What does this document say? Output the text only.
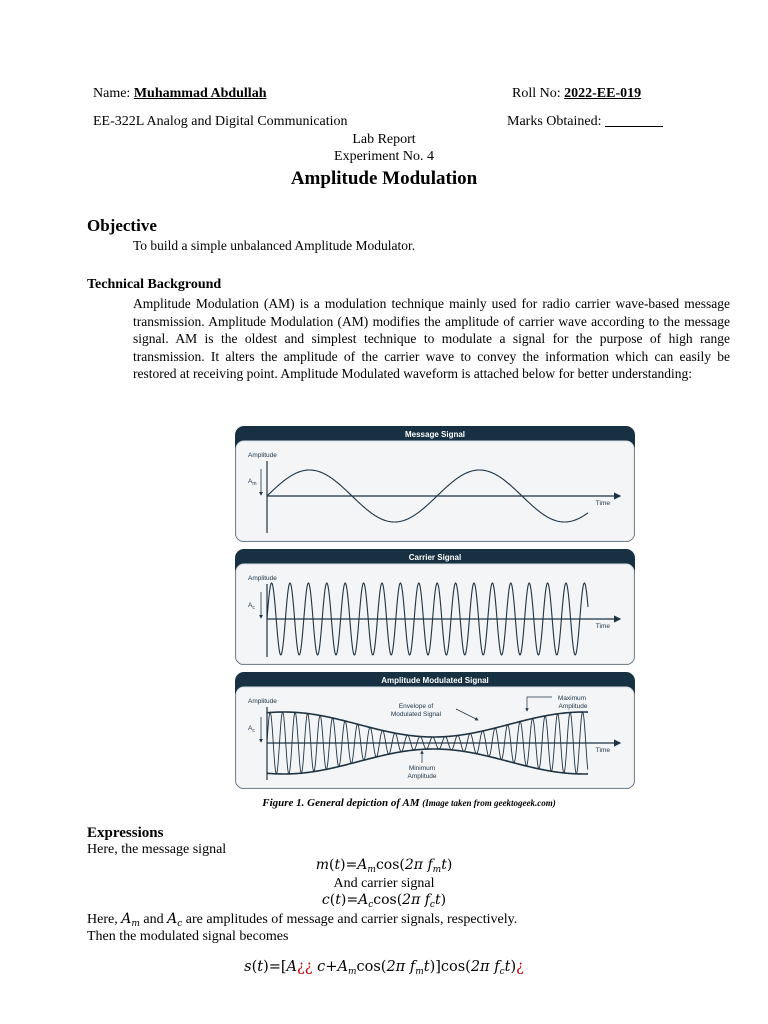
Name: Muhammad Abdullah	Roll No: 2022-EE-019
EE-322L Analog and Digital Communication	Marks Obtained:
Lab Report
Experiment No. 4
Amplitude Modulation
Objective
To build a simple unbalanced Amplitude Modulator.
Technical Background
Amplitude Modulation (AM) is a modulation technique mainly used for radio carrier wave-based message transmission. Amplitude Modulation (AM) modifies the amplitude of carrier wave according to the message signal. AM is the oldest and simplest technique to modulate a signal for the purpose of high range transmission. It alters the amplitude of the carrier wave to convey the information which can easily be restored at receiving point. Amplitude Modulated waveform is attached below for better understanding:
Message Signal
Amplitude
$A_m$
Time
Carrier Signal
Amplitude
$A_c$
Time
Amplitude Modulated Signal
Amplitude
$A_c$
Time
Envelope of
Modulated Signal
Maximum
Amplitude
Minimum
Amplitude
Figure 1. General depiction of AM (Image taken from geektogeek.com)
Expressions
Here, the message signal
$m(t)=A_m\cos(2\pi$ $f_mt$)
And carrier signal
$c(t)=A_c\cos(2\pi$ $f_ct$)
Here, $A_m$ and $A_c$ are amplitudes of message and carrier signals, respectively.
Then the modulated signal becomes
s(t)=[A¿¿ $c+A_m\cos(2\pi$ $f_mt)]\cos(2\pi$ $f_ct)¿$
